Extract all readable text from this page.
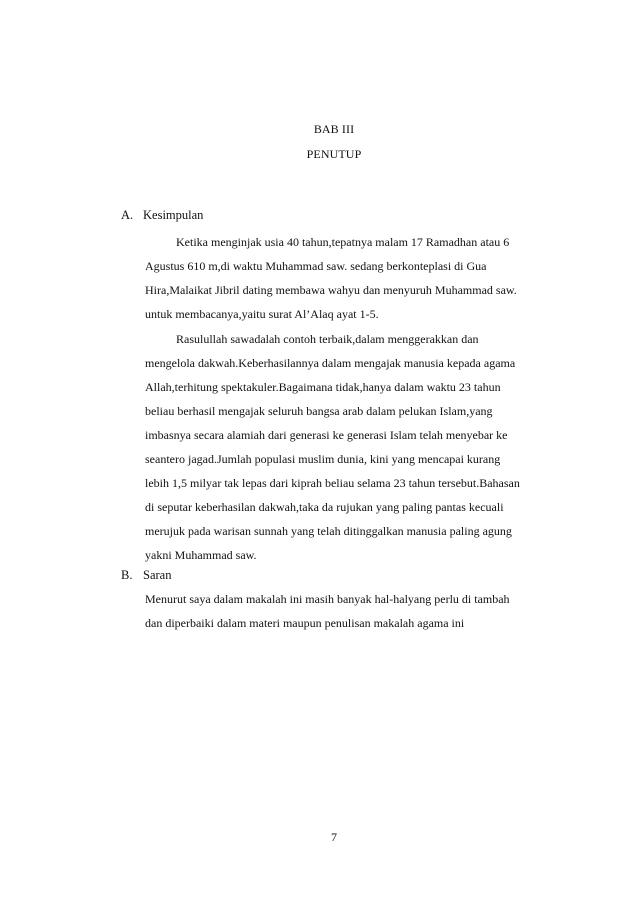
BAB III
PENUTUP
A. Kesimpulan
Ketika menginjak usia 40 tahun,tepatnya malam 17 Ramadhan atau 6
Agustus 610 m,di waktu Muhammad saw. sedang berkonteplasi di Gua
Hira,Malaikat Jibril dating membawa wahyu dan menyuruh Muhammad saw.
untuk membacanya,yaitu surat Al’Alaq ayat 1-5.
Rasulullah sawadalah contoh terbaik,dalam menggerakkan dan
mengelola dakwah.Keberhasilannya dalam mengajak manusia kepada agama
Allah,terhitung spektakuler.Bagaimana tidak,hanya dalam waktu 23 tahun
beliau berhasil mengajak seluruh bangsa arab dalam pelukan Islam,yang
imbasnya secara alamiah dari generasi ke generasi Islam telah menyebar ke
seantero jagad.Jumlah populasi muslim dunia, kini yang mencapai kurang
lebih 1,5 milyar tak lepas dari kiprah beliau selama 23 tahun tersebut.Bahasan
di seputar keberhasilan dakwah,taka da rujukan yang paling pantas kecuali
merujuk pada warisan sunnah yang telah ditinggalkan manusia paling agung
yakni Muhammad saw.
B. Saran
Menurut saya dalam makalah ini masih banyak hal-halyang perlu di tambah
dan diperbaiki dalam materi maupun penulisan makalah agama ini
7
